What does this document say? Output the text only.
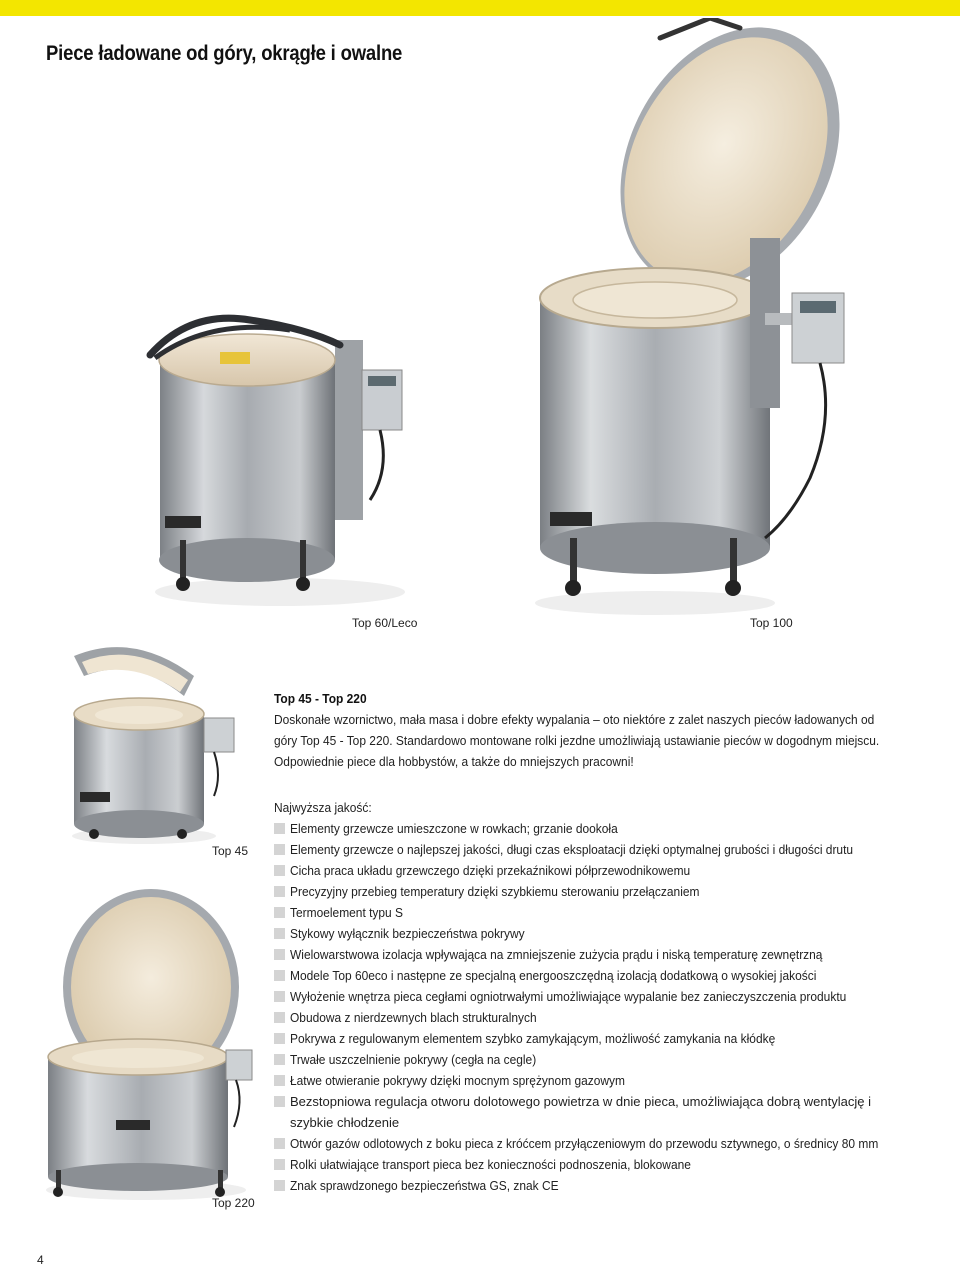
Piece ładowane od góry, okrągłe i owalne
Top 60/Leco	Top 100
Top 45
Top 220
Top 45 - Top 220
Doskonałe wzornictwo, mała masa i dobre efekty wypalania – oto niektóre z zalet naszych pieców ładowanych od
góry Top 45 - Top 220. Standardowo montowane rolki jezdne umożliwiają ustawianie pieców w dogodnym miejscu.
Odpowiednie piece dla hobbystów, a także do mniejszych pracowni!
Najwyższa jakość:
Elementy grzewcze umieszczone w rowkach; grzanie dookoła
Elementy grzewcze o najlepszej jakości, długi czas eksploatacji dzięki optymalnej grubości i długości drutu
Cicha praca układu grzewczego dzięki przekaźnikowi półprzewodnikowemu
Precyzyjny przebieg temperatury dzięki szybkiemu sterowaniu przełączaniem
Termoelement typu S
Stykowy wyłącznik bezpieczeństwa pokrywy
Wielowarstwowa izolacja wpływająca na zmniejszenie zużycia prądu i niską temperaturę zewnętrzną
Modele Top 60eco i następne ze specjalną energooszczędną izolacją dodatkową o wysokiej jakości
Wyłożenie wnętrza pieca cegłami ogniotrwałymi umożliwiające wypalanie bez zanieczyszczenia produktu
Obudowa z nierdzewnych blach strukturalnych
Pokrywa z regulowanym elementem szybko zamykającym, możliwość zamykania na kłódkę
Trwałe uszczelnienie pokrywy (cegła na cegle)
Łatwe otwieranie pokrywy dzięki mocnym sprężynom gazowym
Bezstopniowa regulacja otworu dolotowego powietrza w dnie pieca, umożliwiająca dobrą wentylację i szybkie chłodzenie
Otwór gazów odlotowych z boku pieca z króćcem przyłączeniowym do przewodu sztywnego, o średnicy 80 mm
Rolki ułatwiające transport pieca bez konieczności podnoszenia, blokowane
Znak sprawdzonego bezpieczeństwa GS, znak CE
4
